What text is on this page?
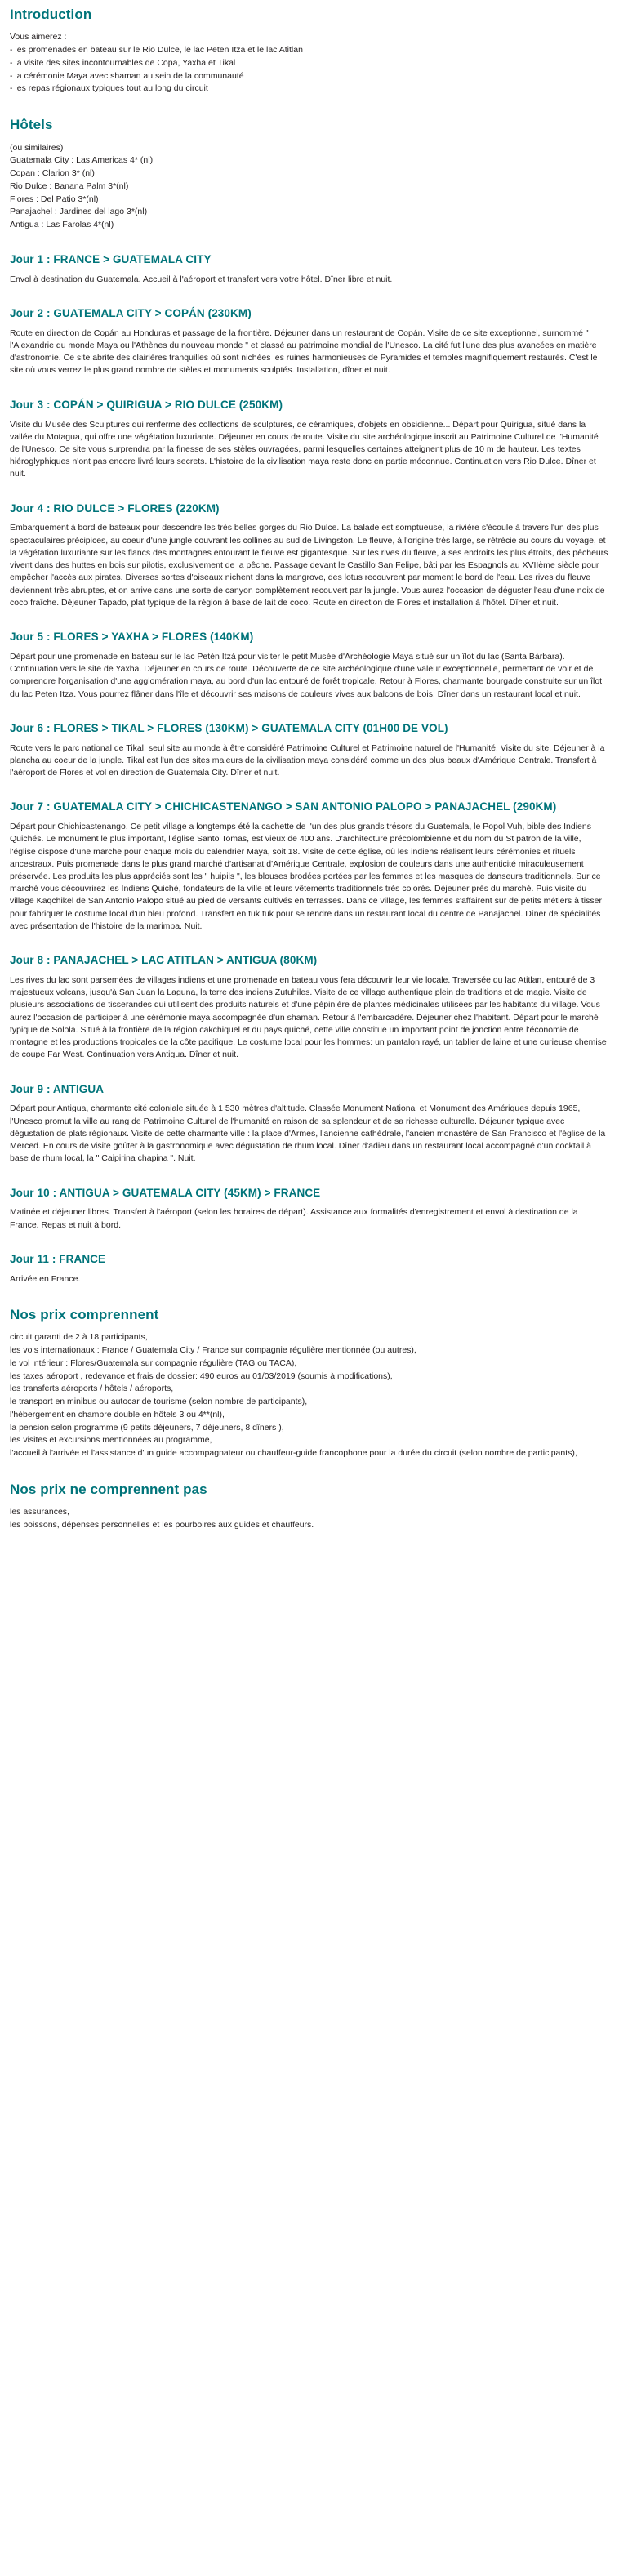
Introduction

Vous aimerez :

- les promenades en bateau sur le Rio Dulce, le lac Peten Itza et le lac Atitlan

- la visite des sites incontournables de Copa, Yaxha et Tikal

- la cérémonie Maya avec shaman au sein de la communauté

- les repas régionaux typiques tout au long du circuit

Hôtels

(ou similaires)

Guatemala City : Las Americas 4* (nl)

Copan : Clarion 3* (nl)

Rio Dulce : Banana Palm 3*(nl)

Flores : Del Patio 3*(nl)

Panajachel : Jardines del lago 3*(nl)

Antigua : Las Farolas 4*(nl)

Jour 1 : FRANCE > GUATEMALA CITY

Envol à destination du Guatemala. Accueil à l'aéroport et transfert vers votre hôtel. Dîner libre et nuit.

Jour 2 : GUATEMALA CITY > COPÁN (230KM)

Route en direction de Copán au Honduras et passage de la frontière. Déjeuner dans un restaurant de Copán. Visite de ce site exceptionnel, surnommé " l'Alexandrie du monde Maya ou l'Athènes du nouveau monde " et classé au patrimoine mondial de l'Unesco. La cité fut l'une des plus avancées en matière d'astronomie. Ce site abrite des clairières tranquilles où sont nichées les ruines harmonieuses de Pyramides et temples magnifiquement restaurés. C'est le site où vous verrez le plus grand nombre de stèles et monuments sculptés. Installation, dîner et nuit.

Jour 3 : COPÁN > QUIRIGUA > RIO DULCE (250KM)

Visite du Musée des Sculptures qui renferme des collections de sculptures, de céramiques, d'objets en obsidienne... Départ pour Quirigua, situé dans la vallée du Motagua, qui offre une végétation luxuriante. Déjeuner en cours de route. Visite du site archéologique inscrit au Patrimoine Culturel de l'Humanité de l'Unesco. Ce site vous surprendra par la finesse de ses stèles ouvragées, parmi lesquelles certaines atteignent plus de 10 m de hauteur. Les textes hiéroglyphiques n'ont pas encore livré leurs secrets. L'histoire de la civilisation maya reste donc en partie méconnue. Continuation vers Rio Dulce. Dîner et nuit.

Jour 4 : RIO DULCE > FLORES (220KM)

Embarquement à bord de bateaux pour descendre les très belles gorges du Rio Dulce. La balade est somptueuse, la rivière s'écoule à travers l'un des plus spectaculaires précipices, au coeur d'une jungle couvrant les collines au sud de Livingston. Le fleuve, à l'origine très large, se rétrécie au cours du voyage, et la végétation luxuriante sur les flancs des montagnes entourant le fleuve est gigantesque. Sur les rives du fleuve, à ses endroits les plus étroits, des pêcheurs vivent dans des huttes en bois sur pilotis, exclusivement de la pêche. Passage devant le Castillo San Felipe, bâti par les Espagnols au XVIIème siècle pour empêcher l'accès aux pirates. Diverses sortes d'oiseaux nichent dans la mangrove, des lotus recouvrent par moment le bord de l'eau. Les rives du fleuve deviennent très abruptes, et on arrive dans une sorte de canyon complètement recouvert par la jungle. Vous aurez l'occasion de déguster l'eau d'une noix de coco fraîche. Déjeuner Tapado, plat typique de la région à base de lait de coco. Route en direction de Flores et installation à l'hôtel. Dîner et nuit.

Jour 5 : FLORES > YAXHA > FLORES (140KM)

Départ pour une promenade en bateau sur le lac Petén Itzá pour visiter le petit Musée d'Archéologie Maya situé sur un îlot du lac (Santa Bárbara). Continuation vers le site de Yaxha. Déjeuner en cours de route. Découverte de ce site archéologique d'une valeur exceptionnelle, permettant de voir et de comprendre l'organisation d'une agglomération maya, au bord d'un lac entouré de forêt tropicale. Retour à Flores, charmante bourgade construite sur un îlot du lac Peten Itza. Vous pourrez flâner dans l'île et découvrir ses maisons de couleurs vives aux balcons de bois. Dîner dans un restaurant local et nuit.

Jour 6 : FLORES > TIKAL > FLORES (130KM) > GUATEMALA CITY (01H00 DE VOL)

Route vers le parc national de Tikal, seul site au monde à être considéré Patrimoine Culturel et Patrimoine naturel de l'Humanité. Visite du site. Déjeuner à la plancha au coeur de la jungle. Tikal est l'un des sites majeurs de la civilisation maya considéré comme un des plus beaux d'Amérique Centrale. Transfert à l'aéroport de Flores et vol en direction de Guatemala City. Dîner et nuit.

Jour 7 : GUATEMALA CITY > CHICHICASTENANGO > SAN ANTONIO PALOPO > PANAJACHEL (290KM)

Départ pour Chichicastenango. Ce petit village a longtemps été la cachette de l'un des plus grands trésors du Guatemala, le Popol Vuh, bible des Indiens Quichés. Le monument le plus important, l'église Santo Tomas, est vieux de 400 ans. D'architecture précolombienne et du nom du St patron de la ville, l'église dispose d'une marche pour chaque mois du calendrier Maya, soit 18. Visite de cette église, où les indiens réalisent leurs cérémonies et rituels ancestraux. Puis promenade dans le plus grand marché d'artisanat d'Amérique Centrale, explosion de couleurs dans une authenticité miraculeusement préservée. Les produits les plus appréciés sont les " huipils ", les blouses brodées portées par les femmes et les masques de danseurs traditionnels. Sur ce marché vous découvrirez les Indiens Quiché, fondateurs de la ville et leurs vêtements traditionnels très colorés. Déjeuner près du marché. Puis visite du village Kaqchikel de San Antonio Palopo situé au pied de versants cultivés en terrasses. Dans ce village, les femmes s'affairent sur de petits métiers à tisser pour fabriquer le costume local d'un bleu profond. Transfert en tuk tuk pour se rendre dans un restaurant local du centre de Panajachel. Dîner de spécialités avec présentation de l'histoire de la marimba. Nuit.

Jour 8 : PANAJACHEL > LAC ATITLAN > ANTIGUA (80KM)

Les rives du lac sont parsemées de villages indiens et une promenade en bateau vous fera découvrir leur vie locale. Traversée du lac Atitlan, entouré de 3 majestueux volcans, jusqu'à San Juan la Laguna, la terre des indiens Zutuhiles. Visite de ce village authentique plein de traditions et de magie. Visite de plusieurs associations de tisserandes qui utilisent des produits naturels et d'une pépinière de plantes médicinales utilisées par les habitants du village. Vous aurez l'occasion de participer à une cérémonie maya accompagnée d'un shaman. Retour à l'embarcadère. Déjeuner chez l'habitant. Départ pour le marché typique de Solola. Situé à la frontière de la région cakchiquel et du pays quiché, cette ville constitue un important point de jonction entre l'économie de montagne et les productions tropicales de la côte pacifique. Le costume local pour les hommes: un pantalon rayé, un tablier de laine et une curieuse chemise de coupe Far West. Continuation vers Antigua. Dîner et nuit.

Jour 9 : ANTIGUA

Départ pour Antigua, charmante cité coloniale située à 1 530 mètres d'altitude. Classée Monument National et Monument des Amériques depuis 1965, l'Unesco promut la ville au rang de Patrimoine Culturel de l'humanité en raison de sa splendeur et de sa richesse culturelle. Déjeuner typique avec dégustation de plats régionaux. Visite de cette charmante ville : la place d'Armes, l'ancienne cathédrale, l'ancien monastère de San Francisco et l'église de la Merced. En cours de visite goûter à la gastronomique avec dégustation de rhum local. Dîner d'adieu dans un restaurant local accompagné d'un cocktail à base de rhum local, la " Caipirina chapina ". Nuit.

Jour 10 : ANTIGUA > GUATEMALA CITY (45KM) > FRANCE

Matinée et déjeuner libres. Transfert à l'aéroport (selon les horaires de départ). Assistance aux formalités d'enregistrement et envol à destination de la France. Repas et nuit à bord.

Jour 11 : FRANCE

Arrivée en France.

Nos prix comprennent

circuit garanti de 2 à 18 participants,

les vols internationaux : France / Guatemala City / France sur compagnie régulière mentionnée (ou autres),

le vol intérieur : Flores/Guatemala sur compagnie régulière (TAG ou TACA),

les taxes aéroport , redevance et frais de dossier: 490 euros au 01/03/2019 (soumis à modifications),

les transferts aéroports / hôtels / aéroports,

le transport en minibus ou autocar de tourisme (selon nombre de participants),

l'hébergement en chambre double en hôtels 3 ou 4**(nl),

la pension selon programme (9 petits déjeuners, 7 déjeuners, 8 dîners ),

les visites et excursions mentionnées au programme,

l'accueil à l'arrivée et l'assistance d'un guide accompagnateur ou chauffeur-guide francophone pour la durée du circuit (selon nombre de participants),

Nos prix ne comprennent pas

les assurances,

les boissons, dépenses personnelles et les pourboires aux guides et chauffeurs.
